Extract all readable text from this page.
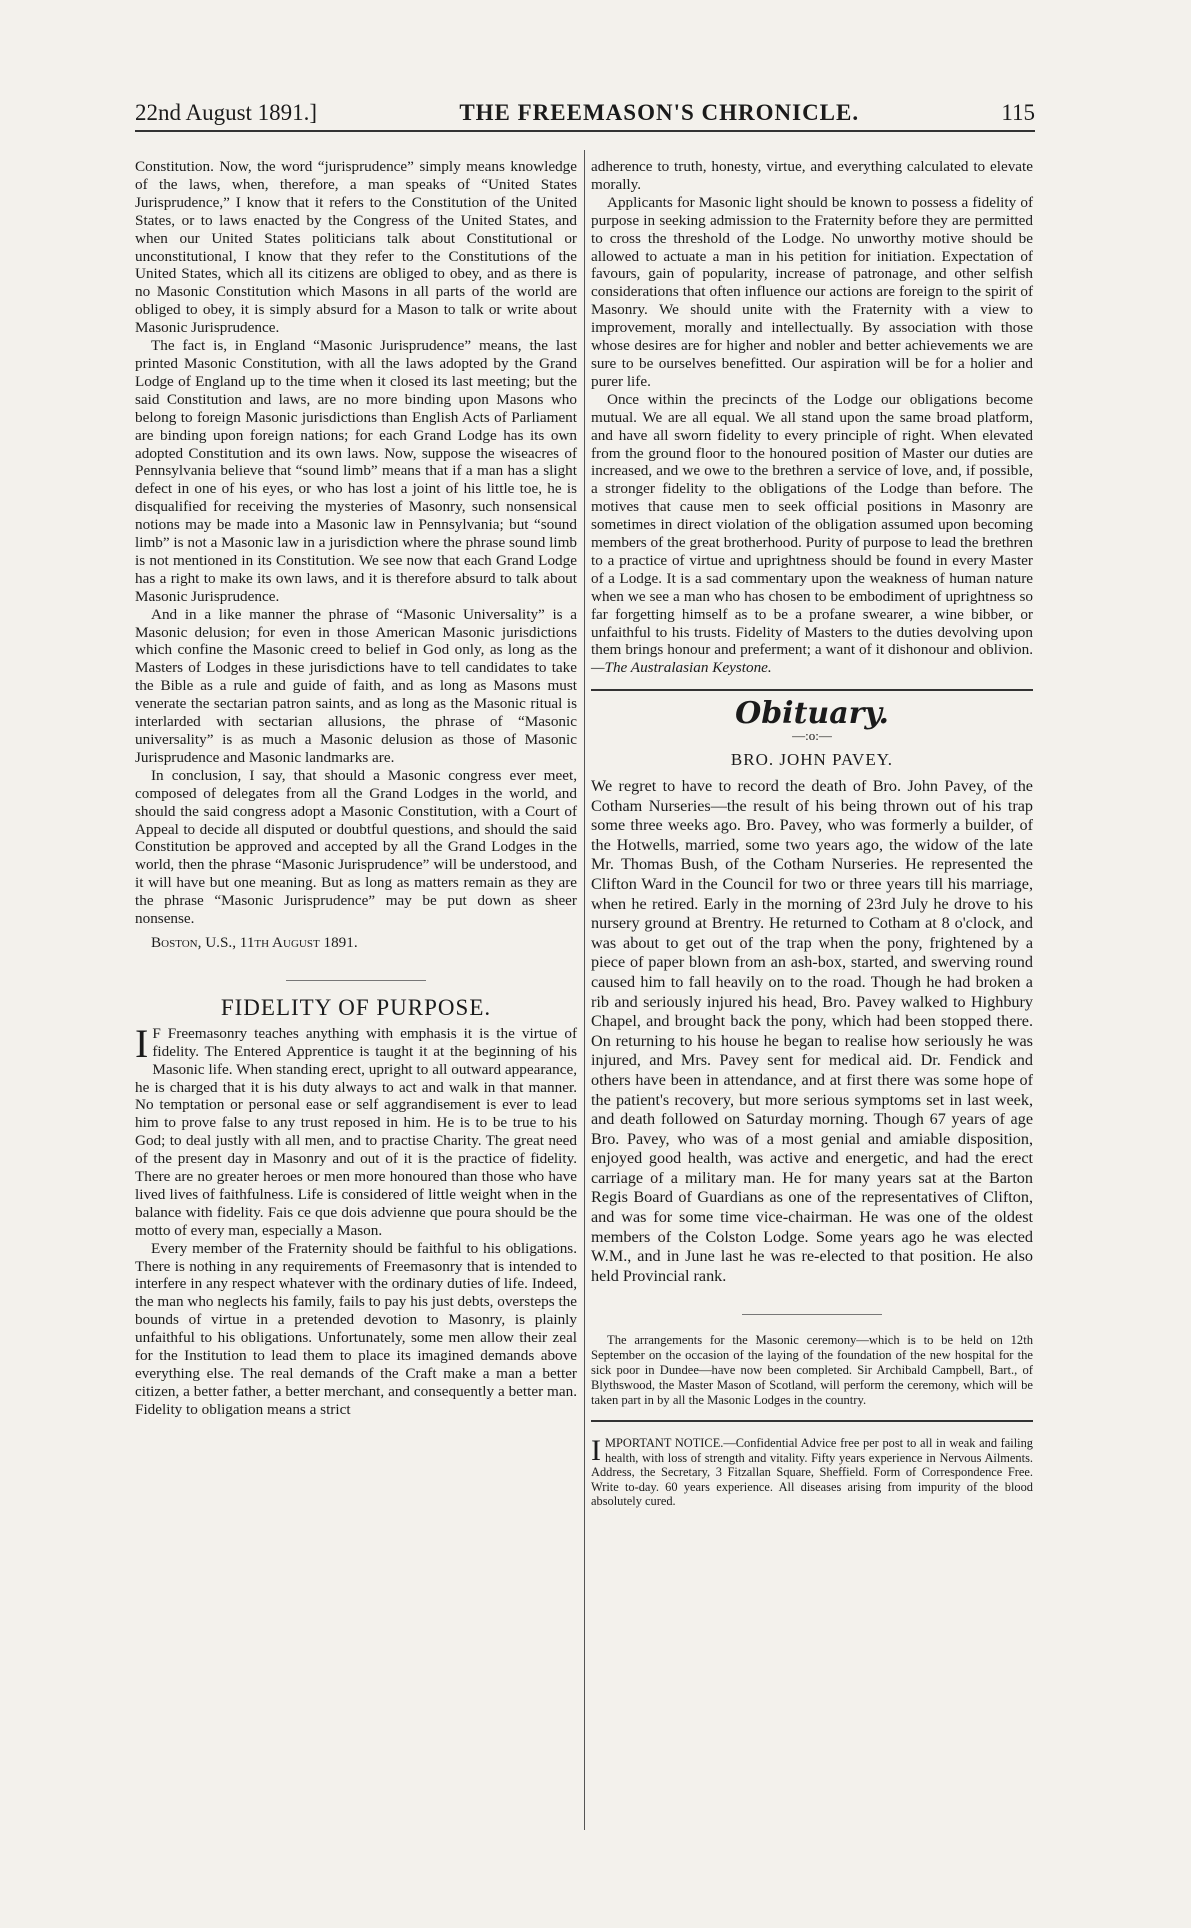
22nd August 1891.]	THE FREEMASON'S CHRONICLE.	115

Constitution. Now, the word “jurisprudence” simply means knowledge of the laws, when, therefore, a man speaks of “United States Jurisprudence,” I know that it refers to the Constitution of the United States, or to laws enacted by the Congress of the United States, and when our United States politicians talk about Constitutional or unconstitutional, I know that they refer to the Constitutions of the United States, which all its citizens are obliged to obey, and as there is no Masonic Constitution which Masons in all parts of the world are obliged to obey, it is simply absurd for a Mason to talk or write about Masonic Jurisprudence.

The fact is, in England “Masonic Jurisprudence” means, the last printed Masonic Constitution, with all the laws adopted by the Grand Lodge of England up to the time when it closed its last meeting; but the said Constitution and laws, are no more binding upon Masons who belong to foreign Masonic jurisdictions than English Acts of Parliament are binding upon foreign nations; for each Grand Lodge has its own adopted Constitution and its own laws. Now, suppose the wiseacres of Pennsylvania believe that “sound limb” means that if a man has a slight defect in one of his eyes, or who has lost a joint of his little toe, he is disqualified for receiving the mysteries of Masonry, such nonsensical notions may be made into a Masonic law in Pennsylvania; but “sound limb” is not a Masonic law in a jurisdiction where the phrase sound limb is not mentioned in its Constitution. We see now that each Grand Lodge has a right to make its own laws, and it is therefore absurd to talk about Masonic Jurisprudence.

And in a like manner the phrase of “Masonic Universality” is a Masonic delusion; for even in those American Masonic jurisdictions which confine the Masonic creed to belief in God only, as long as the Masters of Lodges in these jurisdictions have to tell candidates to take the Bible as a rule and guide of faith, and as long as Masons must venerate the sectarian patron saints, and as long as the Masonic ritual is interlarded with sectarian allusions, the phrase of “Masonic universality” is as much a Masonic delusion as those of Masonic Jurisprudence and Masonic landmarks are.

In conclusion, I say, that should a Masonic congress ever meet, composed of delegates from all the Grand Lodges in the world, and should the said congress adopt a Masonic Constitution, with a Court of Appeal to decide all disputed or doubtful questions, and should the said Constitution be approved and accepted by all the Grand Lodges in the world, then the phrase “Masonic Jurisprudence” will be understood, and it will have but one meaning. But as long as matters remain as they are the phrase “Masonic Jurisprudence” may be put down as sheer nonsense.

Boston, U.S., 11th August 1891.
FIDELITY OF PURPOSE.

I F Freemasonry teaches anything with emphasis it is the virtue of fidelity. The Entered Apprentice is taught it at the beginning of his Masonic life. When standing erect, upright to all outward appearance, he is charged that it is his duty always to act and walk in that manner. No temptation or personal ease or self aggrandisement is ever to lead him to prove false to any trust reposed in him. He is to be true to his God; to deal justly with all men, and to practise Charity. The great need of the present day in Masonry and out of it is the practice of fidelity. There are no greater heroes or men more honoured than those who have lived lives of faithfulness. Life is considered of little weight when in the balance with fidelity. Fais ce que dois advienne que poura should be the motto of every man, especially a Mason.

Every member of the Fraternity should be faithful to his obligations. There is nothing in any requirements of Freemasonry that is intended to interfere in any respect whatever with the ordinary duties of life. Indeed, the man who neglects his family, fails to pay his just debts, oversteps the bounds of virtue in a pretended devotion to Masonry, is plainly unfaithful to his obligations. Unfortunately, some men allow their zeal for the Institution to lead them to place its imagined demands above everything else. The real demands of the Craft make a man a better citizen, a better father, a better merchant, and consequently a better man. Fidelity to obligation means a strict

adherence to truth, honesty, virtue, and everything calculated to elevate morally.

Applicants for Masonic light should be known to possess a fidelity of purpose in seeking admission to the Fraternity before they are permitted to cross the threshold of the Lodge. No unworthy motive should be allowed to actuate a man in his petition for initiation. Expectation of favours, gain of popularity, increase of patronage, and other selfish considerations that often influence our actions are foreign to the spirit of Masonry. We should unite with the Fraternity with a view to improvement, morally and intellectually. By association with those whose desires are for higher and nobler and better achievements we are sure to be ourselves benefitted. Our aspiration will be for a holier and purer life.

Once within the precincts of the Lodge our obligations become mutual. We are all equal. We all stand upon the same broad platform, and have all sworn fidelity to every principle of right. When elevated from the ground floor to the honoured position of Master our duties are increased, and we owe to the brethren a service of love, and, if possible, a stronger fidelity to the obligations of the Lodge than before. The motives that cause men to seek official positions in Masonry are sometimes in direct violation of the obligation assumed upon becoming members of the great brotherhood. Purity of purpose to lead the brethren to a practice of virtue and uprightness should be found in every Master of a Lodge. It is a sad commentary upon the weakness of human nature when we see a man who has chosen to be embodiment of uprightness so far forgetting himself as to be a profane swearer, a wine bibber, or unfaithful to his trusts. Fidelity of Masters to the duties devolving upon them brings honour and preferment; a want of it dishonour and oblivion.—The Australasian Keystone.

Obituary.
—:o:—
BRO. JOHN PAVEY.

We regret to have to record the death of Bro. John Pavey, of the Cotham Nurseries—the result of his being thrown out of his trap some three weeks ago. Bro. Pavey, who was formerly a builder, of the Hotwells, married, some two years ago, the widow of the late Mr. Thomas Bush, of the Cotham Nurseries. He represented the Clifton Ward in the Council for two or three years till his marriage, when he retired. Early in the morning of 23rd July he drove to his nursery ground at Brentry. He returned to Cotham at 8 o'clock, and was about to get out of the trap when the pony, frightened by a piece of paper blown from an ash-box, started, and swerving round caused him to fall heavily on to the road. Though he had broken a rib and seriously injured his head, Bro. Pavey walked to Highbury Chapel, and brought back the pony, which had been stopped there. On returning to his house he began to realise how seriously he was injured, and Mrs. Pavey sent for medical aid. Dr. Fendick and others have been in attendance, and at first there was some hope of the patient's recovery, but more serious symptoms set in last week, and death followed on Saturday morning. Though 67 years of age Bro. Pavey, who was of a most genial and amiable disposition, enjoyed good health, was active and energetic, and had the erect carriage of a military man. He for many years sat at the Barton Regis Board of Guardians as one of the representatives of Clifton, and was for some time vice-chairman. He was one of the oldest members of the Colston Lodge. Some years ago he was elected W.M., and in June last he was re-elected to that position. He also held Provincial rank.

The arrangements for the Masonic ceremony—which is to be held on 12th September on the occasion of the laying of the foundation of the new hospital for the sick poor in Dundee—have now been completed. Sir Archibald Campbell, Bart., of Blythswood, the Master Mason of Scotland, will perform the ceremony, which will be taken part in by all the Masonic Lodges in the country.

IMPORTANT NOTICE.—Confidential Advice free per post to all in weak and failing health, with loss of strength and vitality. Fifty years experience in Nervous Ailments. Address, the Secretary, 3 Fitzallan Square, Sheffield. Form of Correspondence Free. Write to-day. 60 years experience. All diseases arising from impurity of the blood absolutely cured.
